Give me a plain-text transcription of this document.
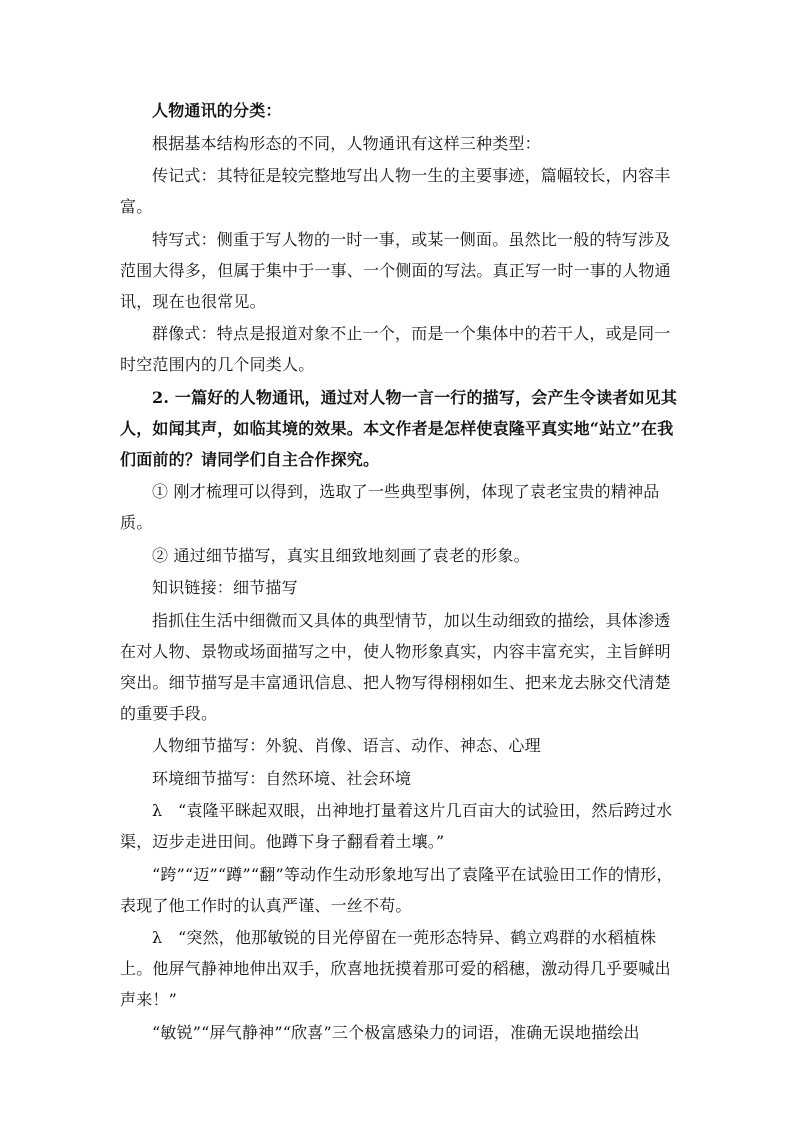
人物通讯的分类：

根据基本结构形态的不同，人物通讯有这样三种类型：

传记式：其特征是较完整地写出人物一生的主要事迹，篇幅较长，内容丰富。

特写式：侧重于写人物的一时一事，或某一侧面。虽然比一般的特写涉及范围大得多，但属于集中于一事、一个侧面的写法。真正写一时一事的人物通讯，现在也很常见。

群像式：特点是报道对象不止一个，而是一个集体中的若干人，或是同一时空范围内的几个同类人。

2. 一篇好的人物通讯，通过对人物一言一行的描写，会产生令读者如见其人，如闻其声，如临其境的效果。本文作者是怎样使袁隆平真实地“站立”在我们面前的？请同学们自主合作探究。

① 刚才梳理可以得到，选取了一些典型事例，体现了袁老宝贵的精神品质。

② 通过细节描写，真实且细致地刻画了袁老的形象。

知识链接：细节描写

指抓住生活中细微而又具体的典型情节，加以生动细致的描绘，具体渗透在对人物、景物或场面描写之中，使人物形象真实，内容丰富充实，主旨鲜明突出。细节描写是丰富通讯信息、把人物写得栩栩如生、把来龙去脉交代清楚的重要手段。

人物细节描写：外貌、肖像、语言、动作、神态、心理

环境细节描写：自然环境、社会环境

λ “袁隆平眯起双眼，出神地打量着这片几百亩大的试验田，然后跨过水渠，迈步走进田间。他蹲下身子翻看着土壤。”

“跨”“迈”“蹲”“翻”等动作生动形象地写出了袁隆平在试验田工作的情形，表现了他工作时的认真严谨、一丝不苟。

λ “突然，他那敏锐的目光停留在一蔸形态特异、鹤立鸡群的水稻植株上。他屏气静神地伸出双手，欣喜地抚摸着那可爱的稻穗，激动得几乎要喊出声来！”

“敏锐”“屏气静神”“欣喜”三个极富感染力的词语，准确无误地描绘出
